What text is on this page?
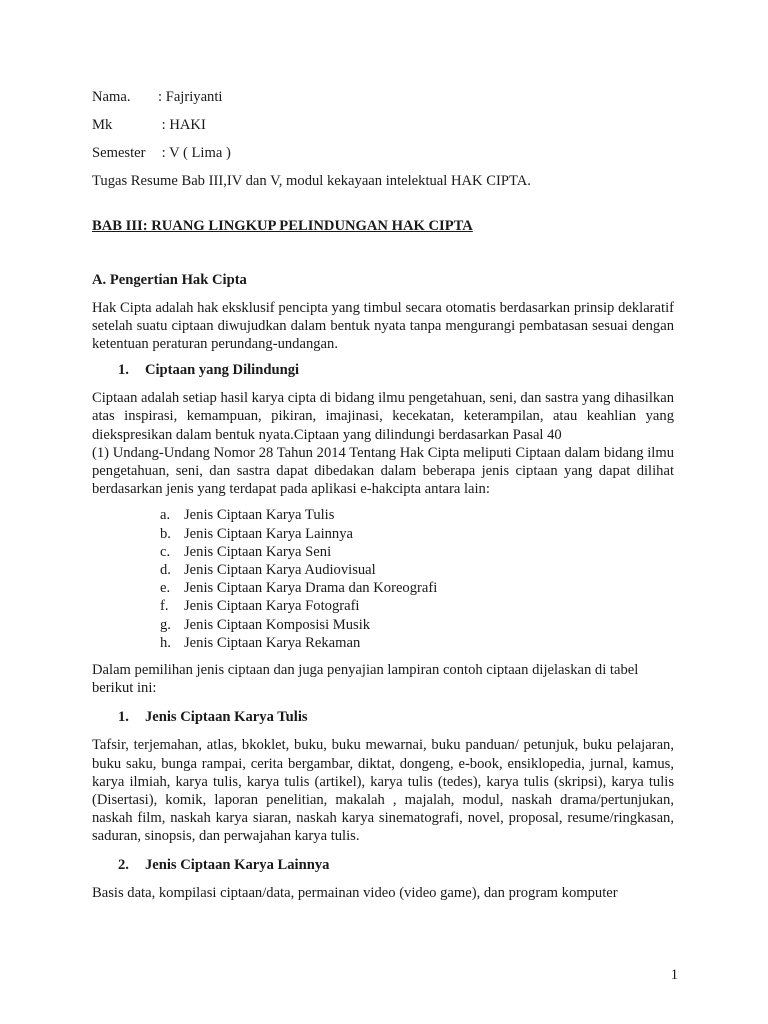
Nama.	: Fajriyanti
Mk	: HAKI
Semester : V ( Lima )
Tugas Resume Bab III,IV dan V, modul kekayaan intelektual HAK CIPTA.
BAB III: RUANG LINGKUP PELINDUNGAN HAK CIPTA
A. Pengertian Hak Cipta

Hak Cipta adalah hak eksklusif pencipta yang timbul secara otomatis berdasarkan prinsip deklaratif setelah suatu ciptaan diwujudkan dalam bentuk nyata tanpa mengurangi pembatasan sesuai dengan ketentuan peraturan perundang-undangan.

1. Ciptaan yang Dilindungi

Ciptaan adalah setiap hasil karya cipta di bidang ilmu pengetahuan, seni, dan sastra yang dihasilkan atas inspirasi, kemampuan, pikiran, imajinasi, kecekatan, keterampilan, atau keahlian yang diekspresikan dalam bentuk nyata.Ciptaan yang dilindungi berdasarkan Pasal 40

(1) Undang-Undang Nomor 28 Tahun 2014 Tentang Hak Cipta meliputi Ciptaan dalam bidang ilmu pengetahuan, seni, dan sastra dapat dibedakan dalam beberapa jenis ciptaan yang dapat dilihat berdasarkan jenis yang terdapat pada aplikasi e-hakcipta antara lain:

a. Jenis Ciptaan Karya Tulis
b. Jenis Ciptaan Karya Lainnya
c. Jenis Ciptaan Karya Seni
d. Jenis Ciptaan Karya Audiovisual
e. Jenis Ciptaan Karya Drama dan Koreografi
f.	Jenis Ciptaan Karya Fotografi
g. Jenis Ciptaan Komposisi Musik
h. Jenis Ciptaan Karya Rekaman

Dalam pemilihan jenis ciptaan dan juga penyajian lampiran contoh ciptaan dijelaskan di tabel berikut ini:

1. Jenis Ciptaan Karya Tulis

Tafsir, terjemahan, atlas, bkoklet, buku, buku mewarnai, buku panduan/ petunjuk, buku pelajaran, buku saku, bunga rampai, cerita bergambar, diktat, dongeng, e-book, ensiklopedia, jurnal, kamus, karya ilmiah, karya tulis, karya tulis (artikel), karya tulis (tedes), karya tulis (skripsi), karya tulis (Disertasi), komik, laporan penelitian, makalah , majalah, modul, naskah drama/pertunjukan, naskah film, naskah karya siaran, naskah karya sinematografi, novel, proposal, resume/ringkasan, saduran, sinopsis, dan perwajahan karya tulis.

2. Jenis Ciptaan Karya Lainnya

Basis data, kompilasi ciptaan/data, permainan video (video game), dan program komputer

1
